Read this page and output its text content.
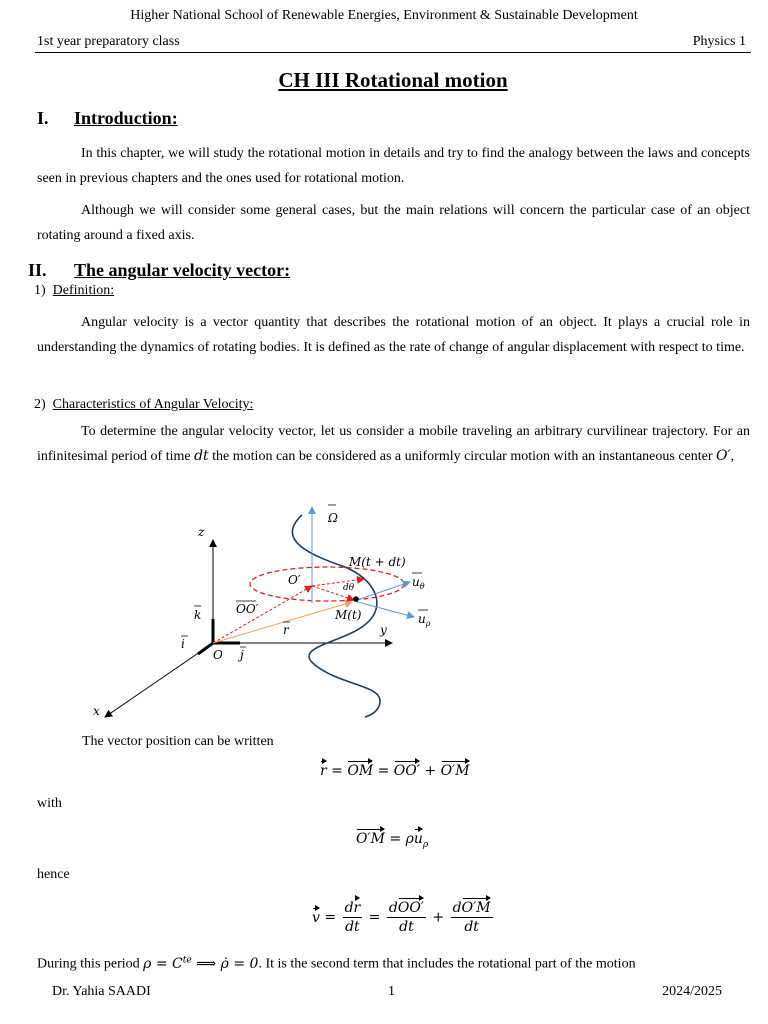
Higher National School of Renewable Energies, Environment & Sustainable Development
1st year preparatory class	Physics 1
CH III Rotational motion
I. Introduction:
In this chapter, we will study the rotational motion in details and try to find the analogy between the laws and concepts seen in previous chapters and the ones used for rotational motion.
Although we will consider some general cases, but the main relations will concern the particular case of an object rotating around a fixed axis.
II. The angular velocity vector:
1) Definition:
Angular velocity is a vector quantity that describes the rotational motion of an object. It plays a crucial role in understanding the dynamics of rotating bodies. It is defined as the rate of change of angular displacement with respect to time.
2) Characteristics of Angular Velocity:
To determine the angular velocity vector, let us consider a mobile traveling an arbitrary curvilinear trajectory. For an infinitesimal period of time dt the motion can be considered as a uniformly circular motion with an instantaneous center O′,
z
x
y
O
k
i
j
Ω
M(t + dt)
M(t)
O′
OO′
r
dθ	$u_\theta$
$u_\rho$
The vector position can be written
r = OM = OO′ + O′M
with
$O'M = \rho u_\rho$
hence
$v = \frac{dr}{dt} = \frac{\text{dOO′}}{dt} + \frac{dO'M}{dt}$
During this period $\rho = C^{te}$ ⟹ ρ̇ = 0. It is the second term that includes the rotational part of the motion
Dr. Yahia SAADI	1	2024/2025
